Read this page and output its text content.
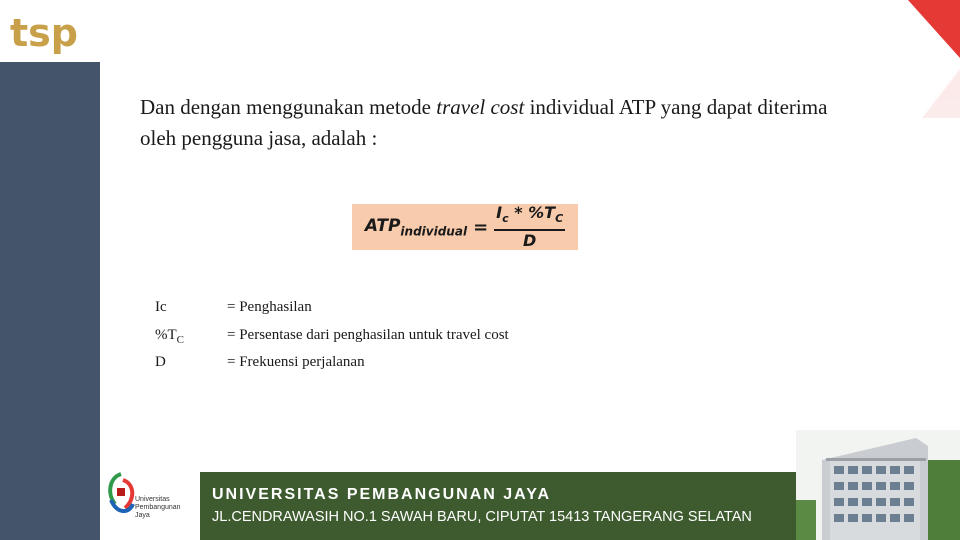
tsp
Dan dengan menggunakan metode travel cost individual ATP yang dapat diterima oleh pengguna jasa, adalah :
$ATP_{individual} = \frac{I_c * \%T_C}{D}$
Ic	= Penghasilan
$\%T_C$	= Persentase dari penghasilan untuk travel cost
D	= Frekuensi perjalanan
Universitas Pembangunan Jaya
UNIVERSITAS PEMBANGUNAN JAYA
JL.CENDRAWASIH NO.1 SAWAH BARU, CIPUTAT 15413 TANGERANG SELATAN
